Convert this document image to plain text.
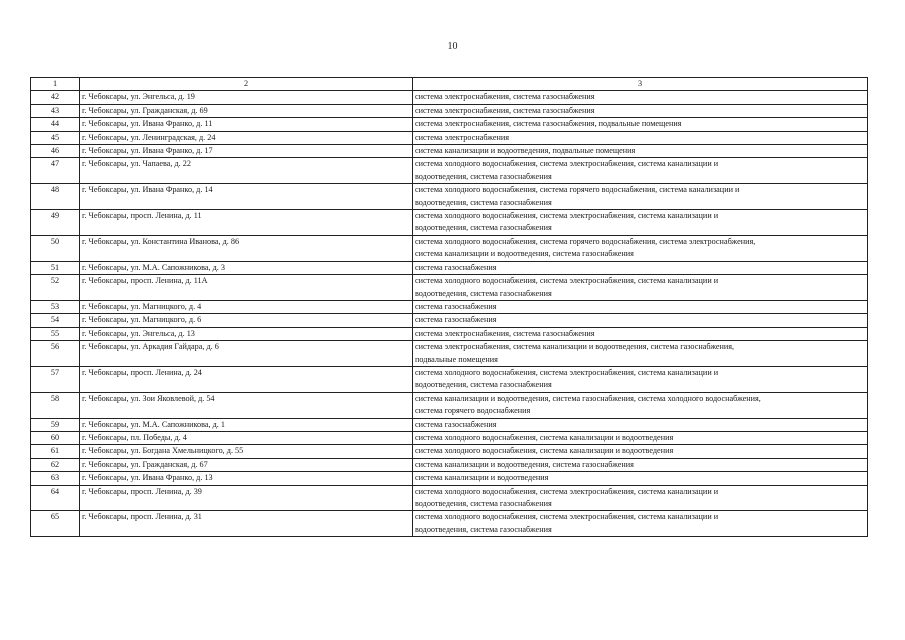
10
1	2	3
42	г. Чебоксары, ул. Энгельса, д. 19	система электроснабжения, система газоснабжения

43	г. Чебоксары, ул. Гражданская, д. 69	система электроснабжения, система газоснабжения

44	г. Чебоксары, ул. Ивана Франко, д. 11	система электроснабжения, система газоснабжения, подвальные помещения

45	г. Чебоксары, ул. Ленинградская, д. 24	система электроснабжения

46	г. Чебоксары, ул. Ивана Франко, д. 17	система канализации и водоотведения, подвальные помещения

47	г. Чебоксары, ул. Чапаева, д. 22	система холодного водоснабжения, система электроснабжения, система канализации и
водоотведения, система газоснабжения

48	г. Чебоксары, ул. Ивана Франко, д. 14	система холодного водоснабжения, система горячего водоснабжения, система канализации и
водоотведения, система газоснабжения

49	г. Чебоксары, просп. Ленина, д. 11	система холодного водоснабжения, система электроснабжения, система канализации и
водоотведения, система газоснабжения

50	г. Чебоксары, ул. Константина Иванова, д. 86	система холодного водоснабжения, система горячего водоснабжения, система электроснабжения,
система канализации и водоотведения, система газоснабжения

51	г. Чебоксары, ул. М.А. Сапожникова, д. 3	система газоснабжения

52	г. Чебоксары, просп. Ленина, д. 11А	система холодного водоснабжения, система электроснабжения, система канализации и
водоотведения, система газоснабжения

53	г. Чебоксары, ул. Магницкого, д. 4	система газоснабжения

54	г. Чебоксары, ул. Магницкого, д. 6	система газоснабжения

55	г. Чебоксары, ул. Энгельса, д. 13	система электроснабжения, система газоснабжения

56	г. Чебоксары, ул. Аркадия Гайдара, д. 6	система электроснабжения, система канализации и водоотведения, система газоснабжения,
подвальные помещения

57	г. Чебоксары, просп. Ленина, д. 24	система холодного водоснабжения, система электроснабжения, система канализации и
водоотведения, система газоснабжения

58	г. Чебоксары, ул. Зои Яковлевой, д. 54	система канализации и водоотведения, система газоснабжения, система холодного водоснабжения,
система горячего водоснабжения

59	г. Чебоксары, ул. М.А. Сапожникова, д. 1	система газоснабжения

60	г. Чебоксары, пл. Победы, д. 4	система холодного водоснабжения, система канализации и водоотведения

61	г. Чебоксары, ул. Богдана Хмельницкого, д. 55	система холодного водоснабжения, система канализации и водоотведения

62	г. Чебоксары, ул. Гражданская, д. 67	система канализации и водоотведения, система газоснабжения

63	г. Чебоксары, ул. Ивана Франко, д. 13	система канализации и водоотведения

64	г. Чебоксары, просп. Ленина, д. 39	система холодного водоснабжения, система электроснабжения, система канализации и
водоотведения, система газоснабжения

65	г. Чебоксары, просп. Ленина, д. 31	система холодного водоснабжения, система электроснабжения, система канализации и
водоотведения, система газоснабжения
